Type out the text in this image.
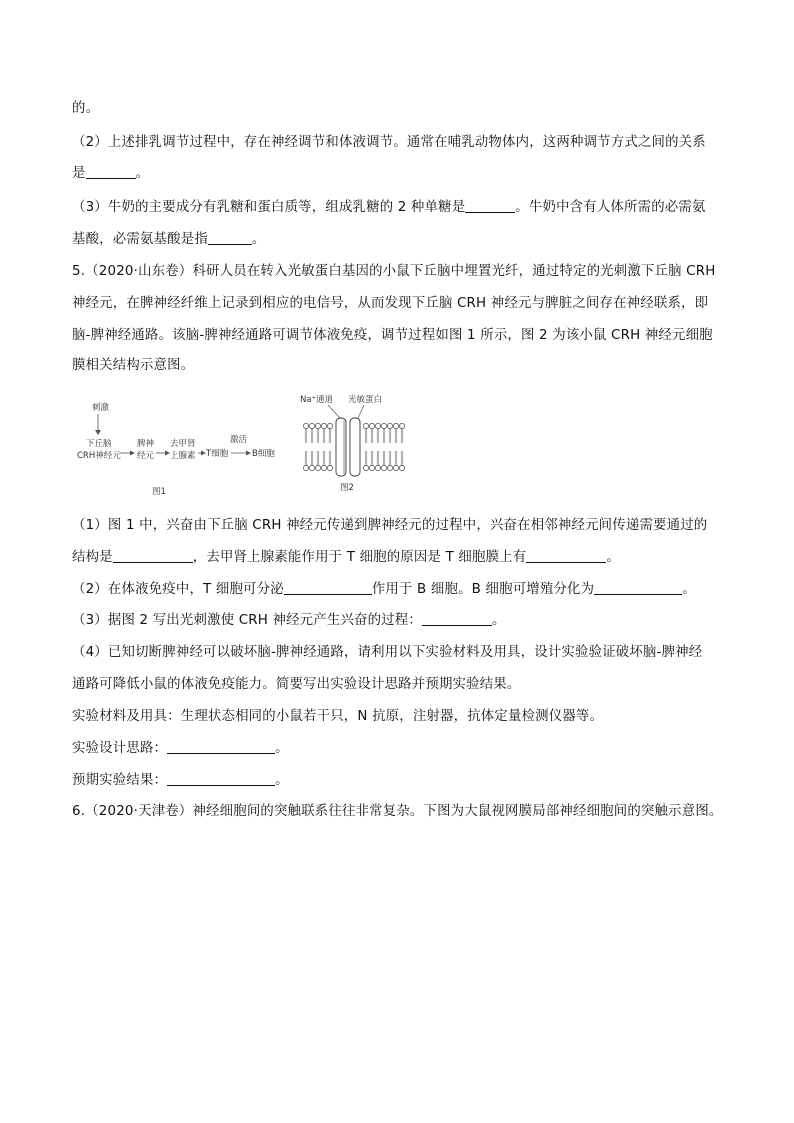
的。
（2）上述排乳调节过程中，存在神经调节和体液调节。通常在哺乳动物体内，这两种调节方式之间的关系
是	。
（3）牛奶的主要成分有乳糖和蛋白质等，组成乳糖的 2 种单糖是	。牛奶中含有人体所需的必需氨
基酸，必需氨基酸是指	。
5.（2020·山东卷）科研人员在转入光敏蛋白基因的小鼠下丘脑中埋置光纤，通过特定的光刺激下丘脑 CRH
神经元，在脾神经纤维上记录到相应的电信号，从而发现下丘脑 CRH 神经元与脾脏之间存在神经联系，即
脑-脾神经通路。该脑-脾神经通路可调节体液免疫，调节过程如图 1 所示，图 2 为该小鼠 CRH 神经元细胞
膜相关结构示意图。
刺激
下丘脑
CRH神经元
脾神
经元
去甲肾
上腺素 T细胞
激活
B细胞
图1
Na⁺通道 光敏蛋白
图2
（1）图 1 中，兴奋由下丘脑 CRH 神经元传递到脾神经元的过程中，兴奋在相邻神经元间传递需要通过的
结构是	，去甲肾上腺素能作用于 T 细胞的原因是 T 细胞膜上有	。
（2）在体液免疫中，T 细胞可分泌	作用于 B 细胞。B 细胞可增殖分化为	。
（3）据图 2 写出光刺激使 CRH 神经元产生兴奋的过程：	。
（4）已知切断脾神经可以破坏脑-脾神经通路，请利用以下实验材料及用具，设计实验验证破坏脑-脾神经
通路可降低小鼠的体液免疫能力。简要写出实验设计思路并预期实验结果。
实验材料及用具：生理状态相同的小鼠若干只，N 抗原，注射器，抗体定量检测仪器等。
实验设计思路：	。
预期实验结果：	。
6.（2020·天津卷）神经细胞间的突触联系往往非常复杂。下图为大鼠视网膜局部神经细胞间的突触示意图。
